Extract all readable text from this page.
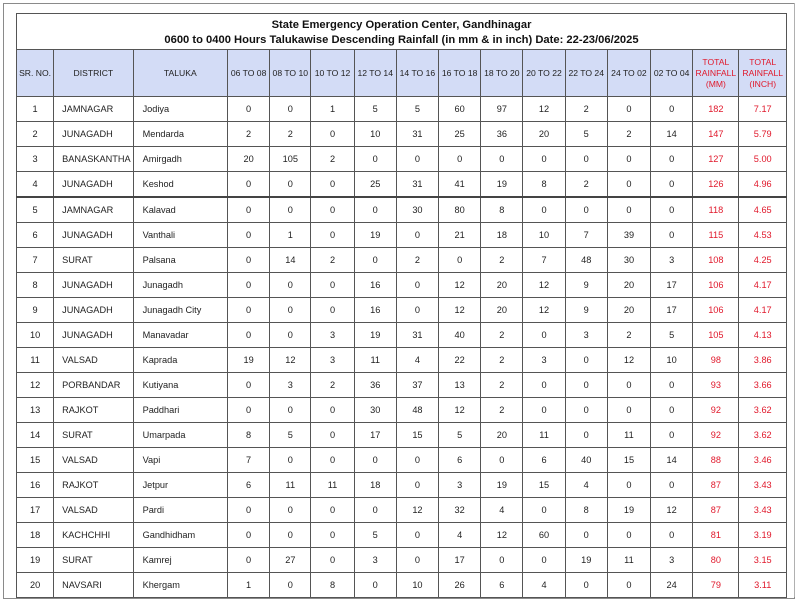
State Emergency Operation Center, Gandhinagar
0600 to 0400 Hours Talukawise Descending Rainfall (in mm & in inch) Date: 22-23/06/2025															

SR. NO.	DISTRICT	TALUKA	06 TO 08	08 TO 10	10 TO 12	12 TO 14	14 TO 16	16 TO 18	18 TO 20	20 TO 22	22 TO 24	24 TO 02	02 TO 04	TOTAL RAINFALL (MM)	TOTAL RAINFALL (INCH)
1	JAMNAGAR	Jodiya	0	0	1	5	5	60	97	12	2	0	0	182	7.17
2	JUNAGADH	Mendarda	2	2	0	10	31	25	36	20	5	2	14	147	5.79
3	BANASKANTHA	Amirgadh	20	105	2	0	0	0	0	0	0	0	0	127	5.00
4	JUNAGADH	Keshod	0	0	0	25	31	41	19	8	2	0	0	126	4.96
5	JAMNAGAR	Kalavad	0	0	0	0	30	80	8	0	0	0	0	118	4.65
6	JUNAGADH	Vanthali	0	1	0	19	0	21	18	10	7	39	0	115	4.53
7	SURAT	Palsana	0	14	2	0	2	0	2	7	48	30	3	108	4.25
8	JUNAGADH	Junagadh	0	0	0	16	0	12	20	12	9	20	17	106	4.17
9	JUNAGADH	Junagadh City	0	0	0	16	0	12	20	12	9	20	17	106	4.17
10	JUNAGADH	Manavadar	0	0	3	19	31	40	2	0	3	2	5	105	4.13
11	VALSAD	Kaprada	19	12	3	11	4	22	2	3	0	12	10	98	3.86
12	PORBANDAR	Kutiyana	0	3	2	36	37	13	2	0	0	0	0	93	3.66
13	RAJKOT	Paddhari	0	0	0	30	48	12	2	0	0	0	0	92	3.62
14	SURAT	Umarpada	8	5	0	17	15	5	20	11	0	11	0	92	3.62
15	VALSAD	Vapi	7	0	0	0	0	6	0	6	40	15	14	88	3.46
16	RAJKOT	Jetpur	6	11	11	18	0	3	19	15	4	0	0	87	3.43
17	VALSAD	Pardi	0	0	0	0	12	32	4	0	8	19	12	87	3.43
18	KACHCHHI	Gandhidham	0	0	0	5	0	4	12	60	0	0	0	81	3.19
19	SURAT	Kamrej	0	27	0	3	0	17	0	0	19	11	3	80	3.15
20	NAVSARI	Khergam	1	0	8	0	10	26	6	4	0	0	24	79	3.11
